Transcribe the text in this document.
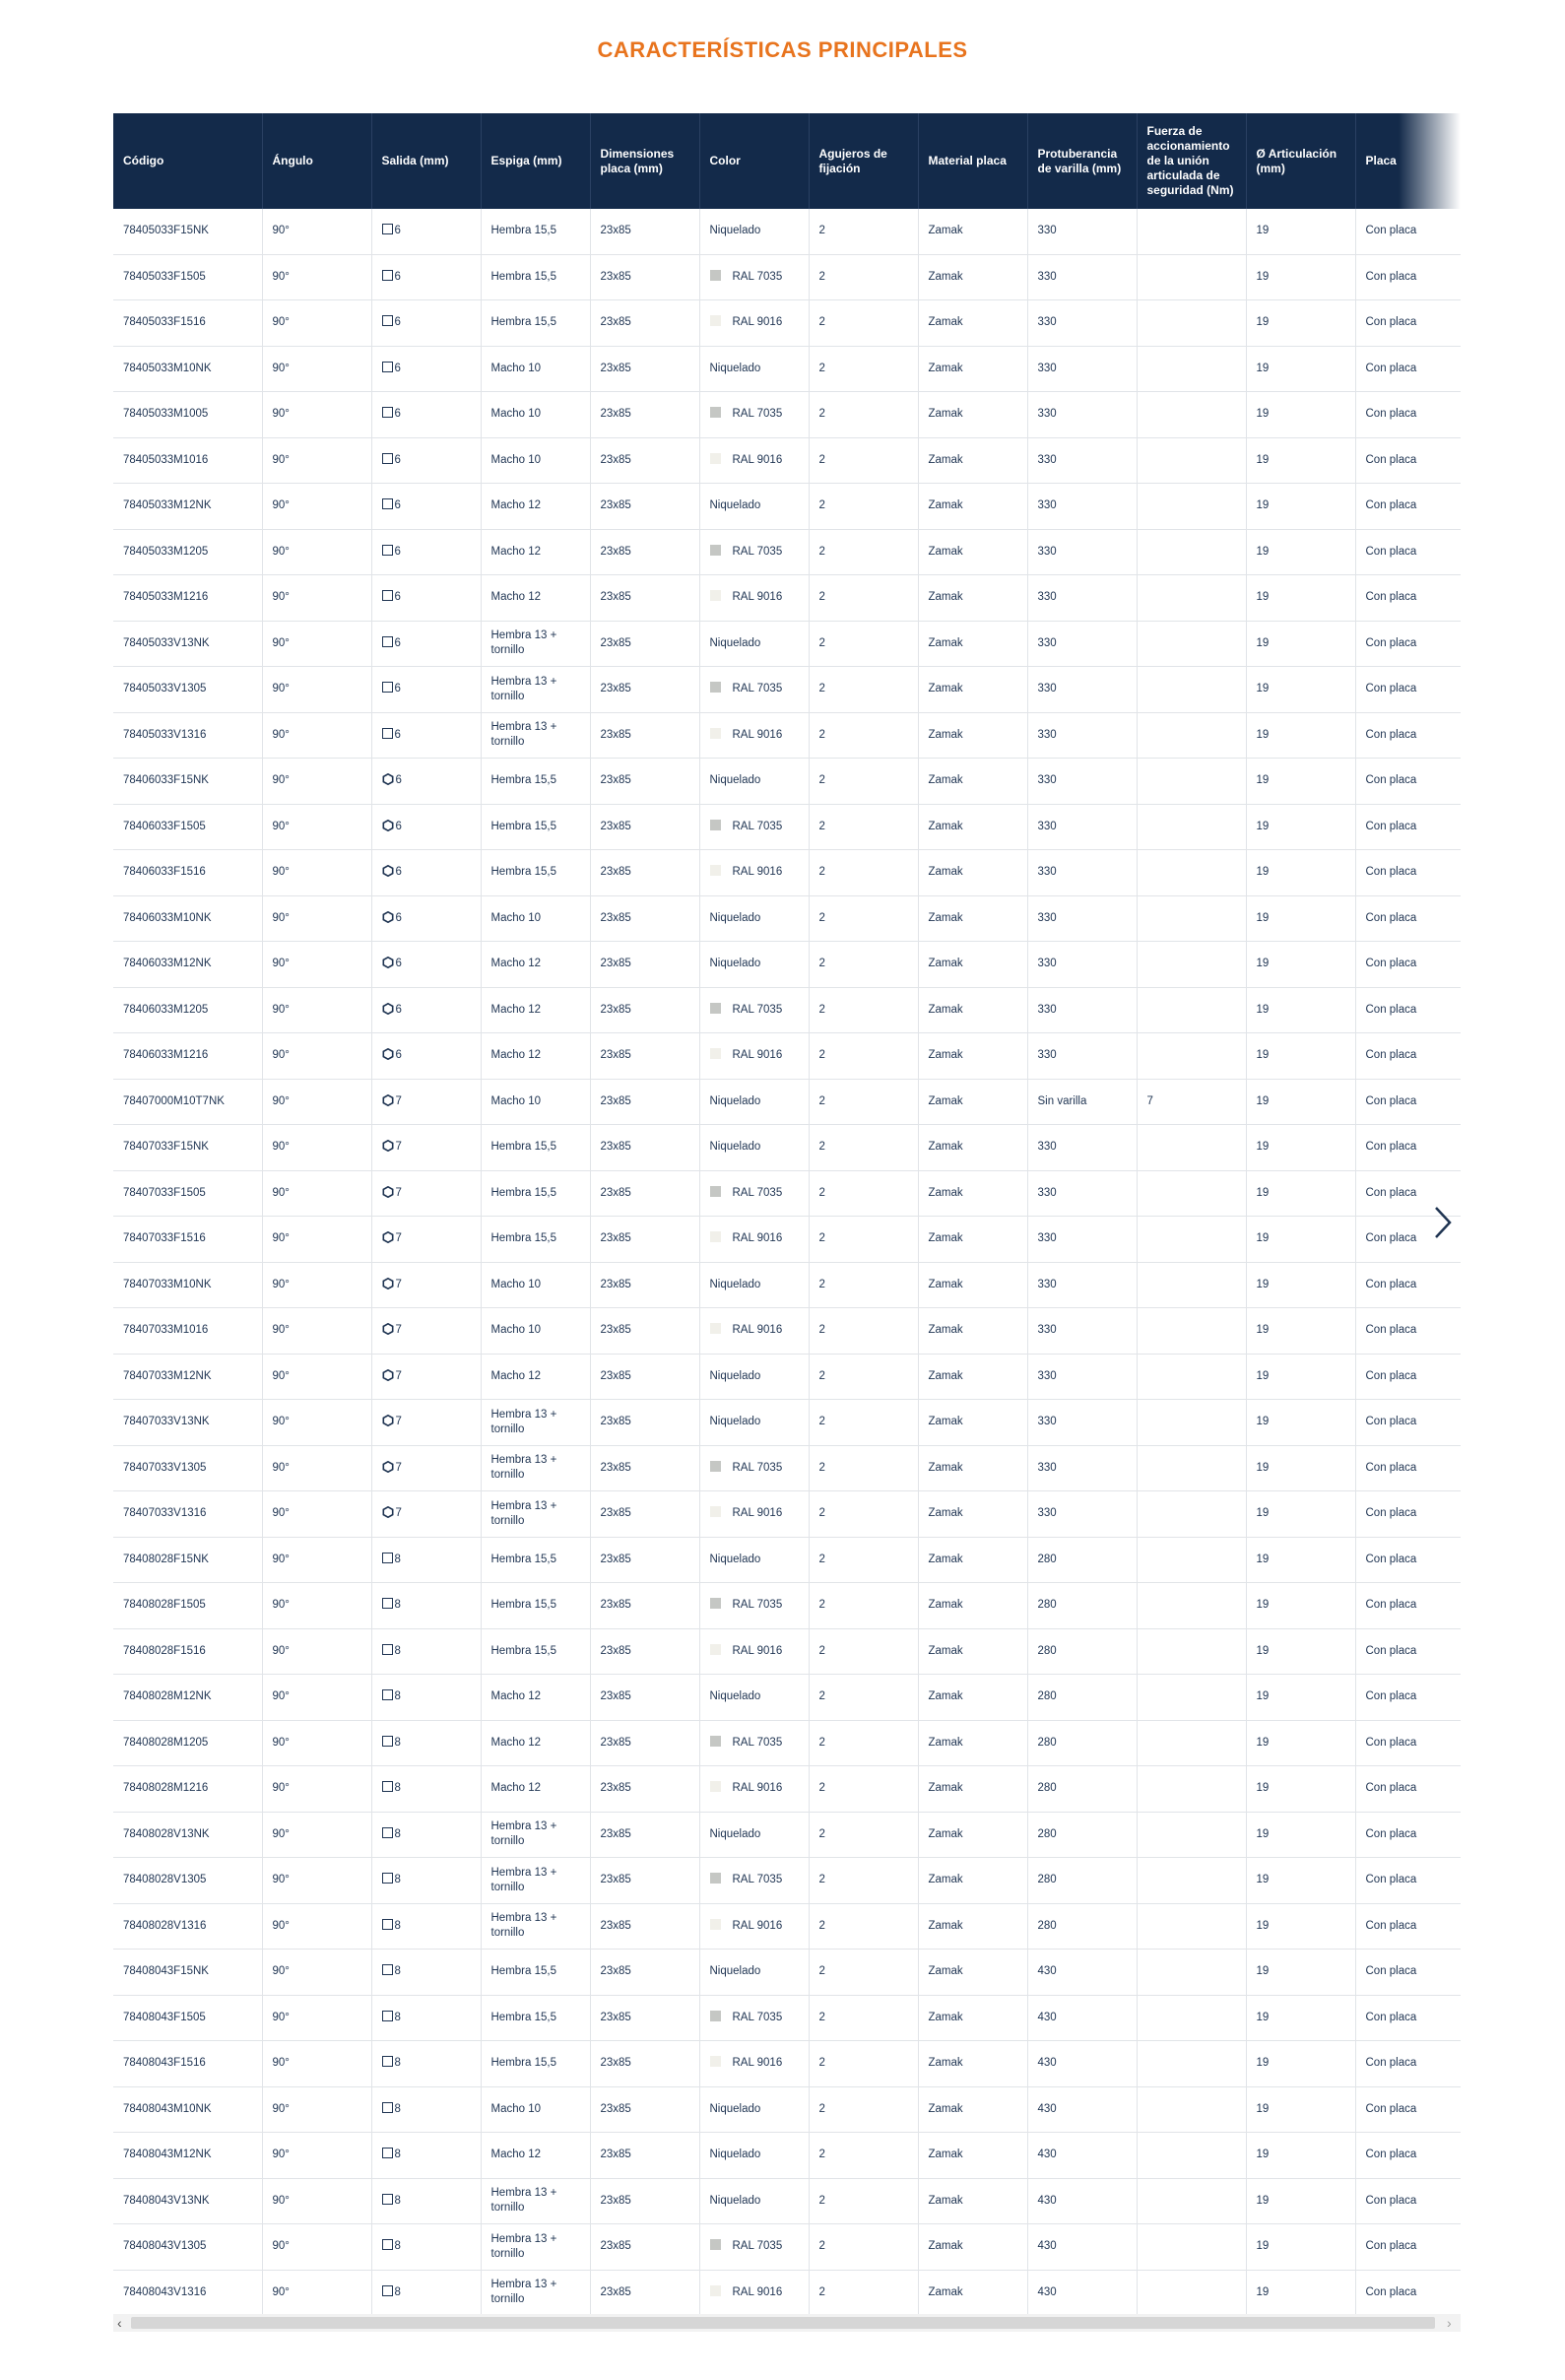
CARACTERÍSTICAS PRINCIPALES
Código	Ángulo	Salida (mm)	Espiga (mm)	Dimensiones placa (mm)	Color	Agujeros de fijación	Material placa	Protuberancia de varilla (mm)	Fuerza de accionamiento de la unión articulada de seguridad (Nm)	Ø Articulación (mm)	Placa
78405033F15NK	90°	6	Hembra 15,5	23x85	Niquelado	2	Zamak	330		19	Con placa
78405033F1505	90°	6	Hembra 15,5	23x85	RAL 7035	2	Zamak	330		19	Con placa
78405033F1516	90°	6	Hembra 15,5	23x85	RAL 9016	2	Zamak	330		19	Con placa
78405033M10NK	90°	6	Macho 10	23x85	Niquelado	2	Zamak	330		19	Con placa
78405033M1005	90°	6	Macho 10	23x85	RAL 7035	2	Zamak	330		19	Con placa
78405033M1016	90°	6	Macho 10	23x85	RAL 9016	2	Zamak	330		19	Con placa
78405033M12NK	90°	6	Macho 12	23x85	Niquelado	2	Zamak	330		19	Con placa
78405033M1205	90°	6	Macho 12	23x85	RAL 7035	2	Zamak	330		19	Con placa
78405033M1216	90°	6	Macho 12	23x85	RAL 9016	2	Zamak	330		19	Con placa
78405033V13NK	90°	6	Hembra 13 + tornillo	23x85	Niquelado	2	Zamak	330		19	Con placa
78405033V1305	90°	6	Hembra 13 + tornillo	23x85	RAL 7035	2	Zamak	330		19	Con placa
78405033V1316	90°	6	Hembra 13 + tornillo	23x85	RAL 9016	2	Zamak	330		19	Con placa
78406033F15NK	90°	6	Hembra 15,5	23x85	Niquelado	2	Zamak	330		19	Con placa
78406033F1505	90°	6	Hembra 15,5	23x85	RAL 7035	2	Zamak	330		19	Con placa
78406033F1516	90°	6	Hembra 15,5	23x85	RAL 9016	2	Zamak	330		19	Con placa
78406033M10NK	90°	6	Macho 10	23x85	Niquelado	2	Zamak	330		19	Con placa
78406033M12NK	90°	6	Macho 12	23x85	Niquelado	2	Zamak	330		19	Con placa
78406033M1205	90°	6	Macho 12	23x85	RAL 7035	2	Zamak	330		19	Con placa
78406033M1216	90°	6	Macho 12	23x85	RAL 9016	2	Zamak	330		19	Con placa
78407000M10T7NK	90°	7	Macho 10	23x85	Niquelado	2	Zamak	Sin varilla	7	19	Con placa
78407033F15NK	90°	7	Hembra 15,5	23x85	Niquelado	2	Zamak	330		19	Con placa
78407033F1505	90°	7	Hembra 15,5	23x85	RAL 7035	2	Zamak	330		19	Con placa
78407033F1516	90°	7	Hembra 15,5	23x85	RAL 9016	2	Zamak	330		19	Con placa
78407033M10NK	90°	7	Macho 10	23x85	Niquelado	2	Zamak	330		19	Con placa
78407033M1016	90°	7	Macho 10	23x85	RAL 9016	2	Zamak	330		19	Con placa
78407033M12NK	90°	7	Macho 12	23x85	Niquelado	2	Zamak	330		19	Con placa
78407033V13NK	90°	7	Hembra 13 + tornillo	23x85	Niquelado	2	Zamak	330		19	Con placa
78407033V1305	90°	7	Hembra 13 + tornillo	23x85	RAL 7035	2	Zamak	330		19	Con placa
78407033V1316	90°	7	Hembra 13 + tornillo	23x85	RAL 9016	2	Zamak	330		19	Con placa
78408028F15NK	90°	8	Hembra 15,5	23x85	Niquelado	2	Zamak	280		19	Con placa
78408028F1505	90°	8	Hembra 15,5	23x85	RAL 7035	2	Zamak	280		19	Con placa
78408028F1516	90°	8	Hembra 15,5	23x85	RAL 9016	2	Zamak	280		19	Con placa
78408028M12NK	90°	8	Macho 12	23x85	Niquelado	2	Zamak	280		19	Con placa
78408028M1205	90°	8	Macho 12	23x85	RAL 7035	2	Zamak	280		19	Con placa
78408028M1216	90°	8	Macho 12	23x85	RAL 9016	2	Zamak	280		19	Con placa
78408028V13NK	90°	8	Hembra 13 + tornillo	23x85	Niquelado	2	Zamak	280		19	Con placa
78408028V1305	90°	8	Hembra 13 + tornillo	23x85	RAL 7035	2	Zamak	280		19	Con placa
78408028V1316	90°	8	Hembra 13 + tornillo	23x85	RAL 9016	2	Zamak	280		19	Con placa
78408043F15NK	90°	8	Hembra 15,5	23x85	Niquelado	2	Zamak	430		19	Con placa
78408043F1505	90°	8	Hembra 15,5	23x85	RAL 7035	2	Zamak	430		19	Con placa
78408043F1516	90°	8	Hembra 15,5	23x85	RAL 9016	2	Zamak	430		19	Con placa
78408043M10NK	90°	8	Macho 10	23x85	Niquelado	2	Zamak	430		19	Con placa
78408043M12NK	90°	8	Macho 12	23x85	Niquelado	2	Zamak	430		19	Con placa
78408043V13NK	90°	8	Hembra 13 + tornillo	23x85	Niquelado	2	Zamak	430		19	Con placa
78408043V1305	90°	8	Hembra 13 + tornillo	23x85	RAL 7035	2	Zamak	430		19	Con placa
78408043V1316	90°	8	Hembra 13 + tornillo	23x85	RAL 9016	2	Zamak	430		19	Con placa
‹	›
